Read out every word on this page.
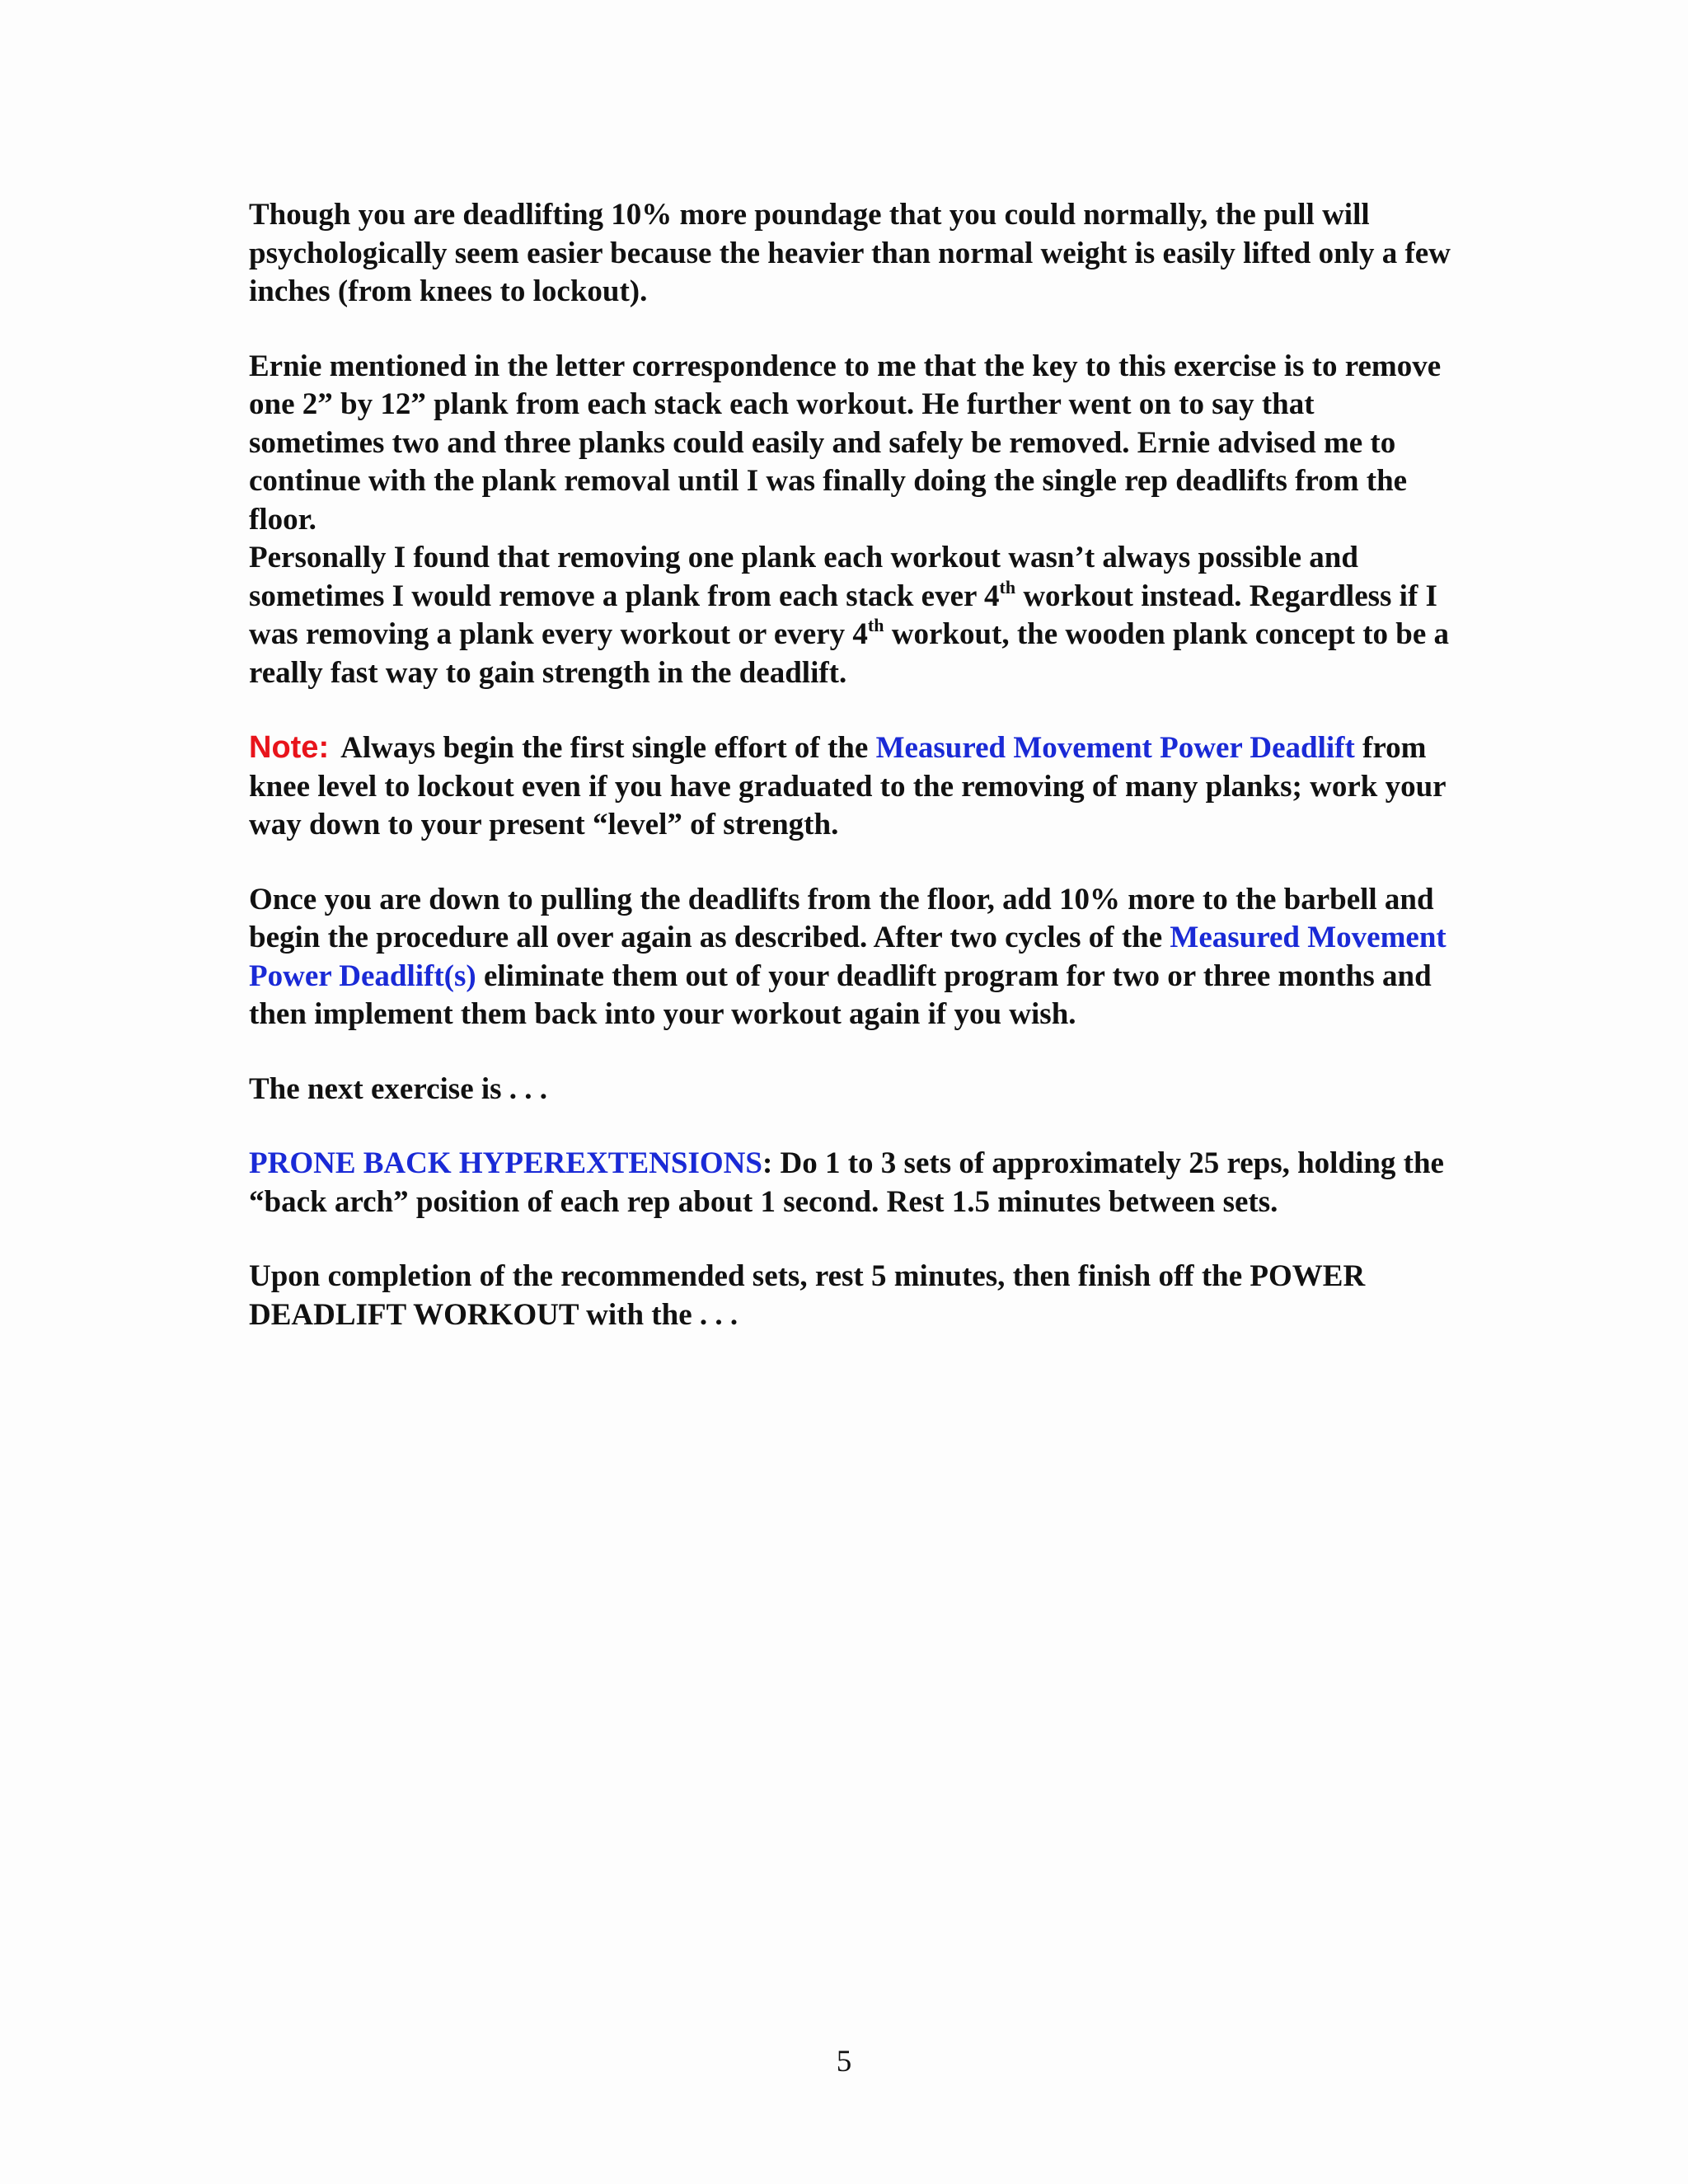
Though you are deadlifting 10% more poundage that you could normally, the pull will psychologically seem easier because the heavier than normal weight is easily lifted only a few inches (from knees to lockout).

Ernie mentioned in the letter correspondence to me that the key to this exercise is to remove one 2” by 12” plank from each stack each workout. He further went on to say that sometimes two and three planks could easily and safely be removed. Ernie advised me to continue with the plank removal until I was finally doing the single rep deadlifts from the floor.

Personally I found that removing one plank each workout wasn’t always possible and sometimes I would remove a plank from each stack ever 4th workout instead. Regardless if I was removing a plank every workout or every 4th workout, the wooden plank concept to be a really fast way to gain strength in the deadlift.

Note: Always begin the first single effort of the Measured Movement Power Deadlift from knee level to lockout even if you have graduated to the removing of many planks; work your way down to your present “level” of strength.

Once you are down to pulling the deadlifts from the floor, add 10% more to the barbell and begin the procedure all over again as described. After two cycles of the Measured Movement Power Deadlift(s) eliminate them out of your deadlift program for two or three months and then implement them back into your workout again if you wish.

The next exercise is . . .

PRONE BACK HYPEREXTENSIONS: Do 1 to 3 sets of approximately 25 reps, holding the “back arch” position of each rep about 1 second. Rest 1.5 minutes between sets.

Upon completion of the recommended sets, rest 5 minutes, then finish off the POWER DEADLIFT WORKOUT with the . . .

5
